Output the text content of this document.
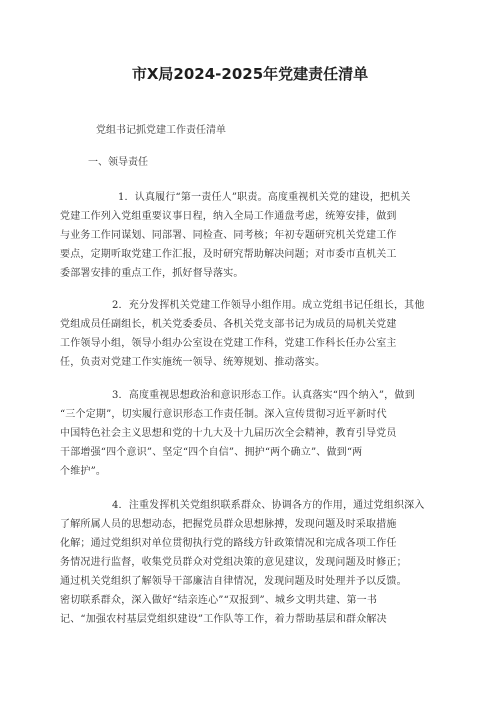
市X局2024-2025年党建责任清单
党组书记抓党建工作责任清单
一、领导责任
1．认真履行“第一责任人”职责。高度重视机关党的建设，把机关
党建工作列入党组重要议事日程，纳入全局工作通盘考虑，统筹安排，做到
与业务工作同谋划、同部署、同检查、同考核；年初专题研究机关党建工作
要点，定期听取党建工作汇报，及时研究帮助解决问题；对市委市直机关工
委部署安排的重点工作，抓好督导落实。
2．充分发挥机关党建工作领导小组作用。成立党组书记任组长，其他
党组成员任副组长，机关党委委员、各机关党支部书记为成员的局机关党建
工作领导小组，领导小组办公室设在党建工作科，党建工作科长任办公室主
任，负责对党建工作实施统一领导、统筹规划、推动落实。
3．高度重视思想政治和意识形态工作。认真落实“四个纳入”，做到
“三个定期”，切实履行意识形态工作责任制。深入宣传贯彻习近平新时代
中国特色社会主义思想和党的十九大及十九届历次全会精神，教育引导党员
干部增强“四个意识”、坚定“四个自信”、拥护“两个确立”、做到“两
个维护”。
4．注重发挥机关党组织联系群众、协调各方的作用，通过党组织深入
了解所属人员的思想动态，把握党员群众思想脉搏，发现问题及时采取措施
化解；通过党组织对单位贯彻执行党的路线方针政策情况和完成各项工作任
务情况进行监督，收集党员群众对党组决策的意见建议，发现问题及时修正；
通过机关党组织了解领导干部廉洁自律情况，发现问题及时处理并予以反馈。
密切联系群众，深入做好“结亲连心”“双报到”、城乡文明共建、第一书
记、“加强农村基层党组织建设”工作队等工作，着力帮助基层和群众解决
